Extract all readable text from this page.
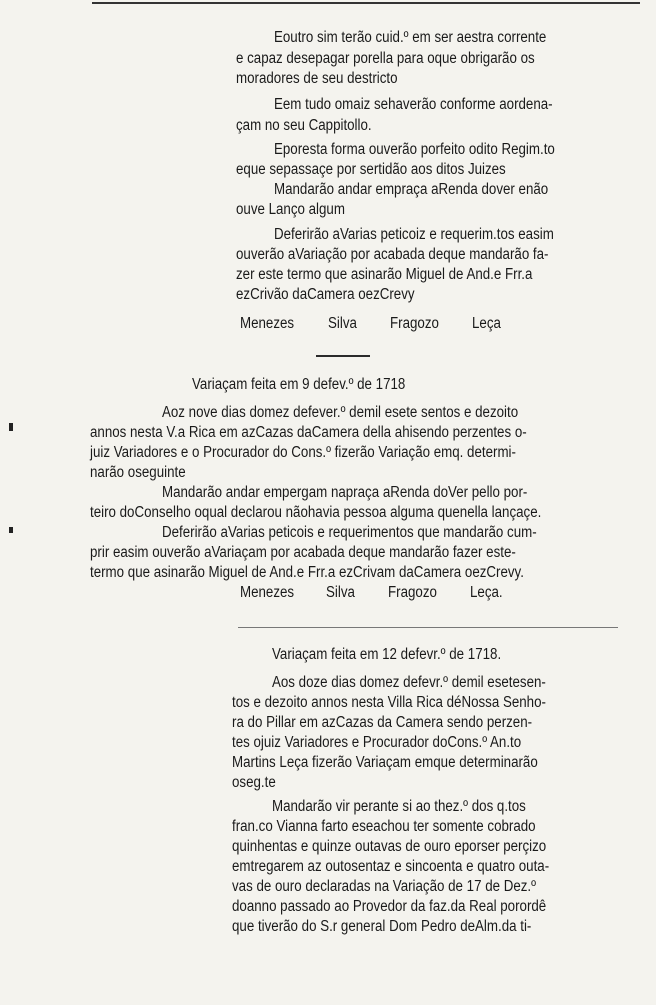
Eoutro sim terão cuid.º em ser aestra corrente
e capaz desepagar porella para oque obrigarão os
moradores de seu destricto
Eem tudo omaiz sehaverão conforme aordena-
çam no seu Cappitollo.
Eporesta forma ouverão porfeito odito Regim.to
eque sepassaçe por sertidão aos ditos Juizes
Mandarão andar empraça aRenda dover enão
ouve Lanço algum
Deferirão aVarias peticoiz e requerim.tos easim
ouverão aVariação por acabada deque mandarão fa-
zer este termo que asinarão Miguel de And.e Frr.a
ezCrivão daCamera oezCrevy
Menezes Silva Fragozo Leça
Variaçam feita em 9 defev.º de 1718
Aoz nove dias domez defever.º demil esete sentos e dezoito
annos nesta V.a Rica em azCazas daCamera della ahisendo perzentes o-
juiz Variadores e o Procurador do Cons.º fizerão Variação emq. determi-
narão oseguinte
Mandarão andar empergam napraça aRenda doVer pello por-
teiro doConselho oqual declarou nãohavia pessoa alguma quenella lançaçe.
Deferirão aVarias peticois e requerimentos que mandarão cum-
prir easim ouverão aVariaçam por acabada deque mandarão fazer este-
termo que asinarão Miguel de And.e Frr.a ezCrivam daCamera oezCrevy.
Menezes Silva Fragozo Leça.
Variaçam feita em 12 defevr.º de 1718.
Aos doze dias domez defevr.º demil esetesen-
tos e dezoito annos nesta Villa Rica déNossa Senho-
ra do Pillar em azCazas da Camera sendo perzen-
tes ojuiz Variadores e Procurador doCons.º An.to
Martins Leça fizerão Variaçam emque determinarão
oseg.te
Mandarão vir perante si ao thez.º dos q.tos
fran.co Vianna farto eseachou ter somente cobrado
quinhentas e quinze outavas de ouro eporser perçizo
emtregarem az outosentaz e sincoenta e quatro outa-
vas de ouro declaradas na Variação de 17 de Dez.º
doanno passado ao Provedor da faz.da Real porordê
que tiverão do S.r general Dom Pedro deAlm.da ti-
